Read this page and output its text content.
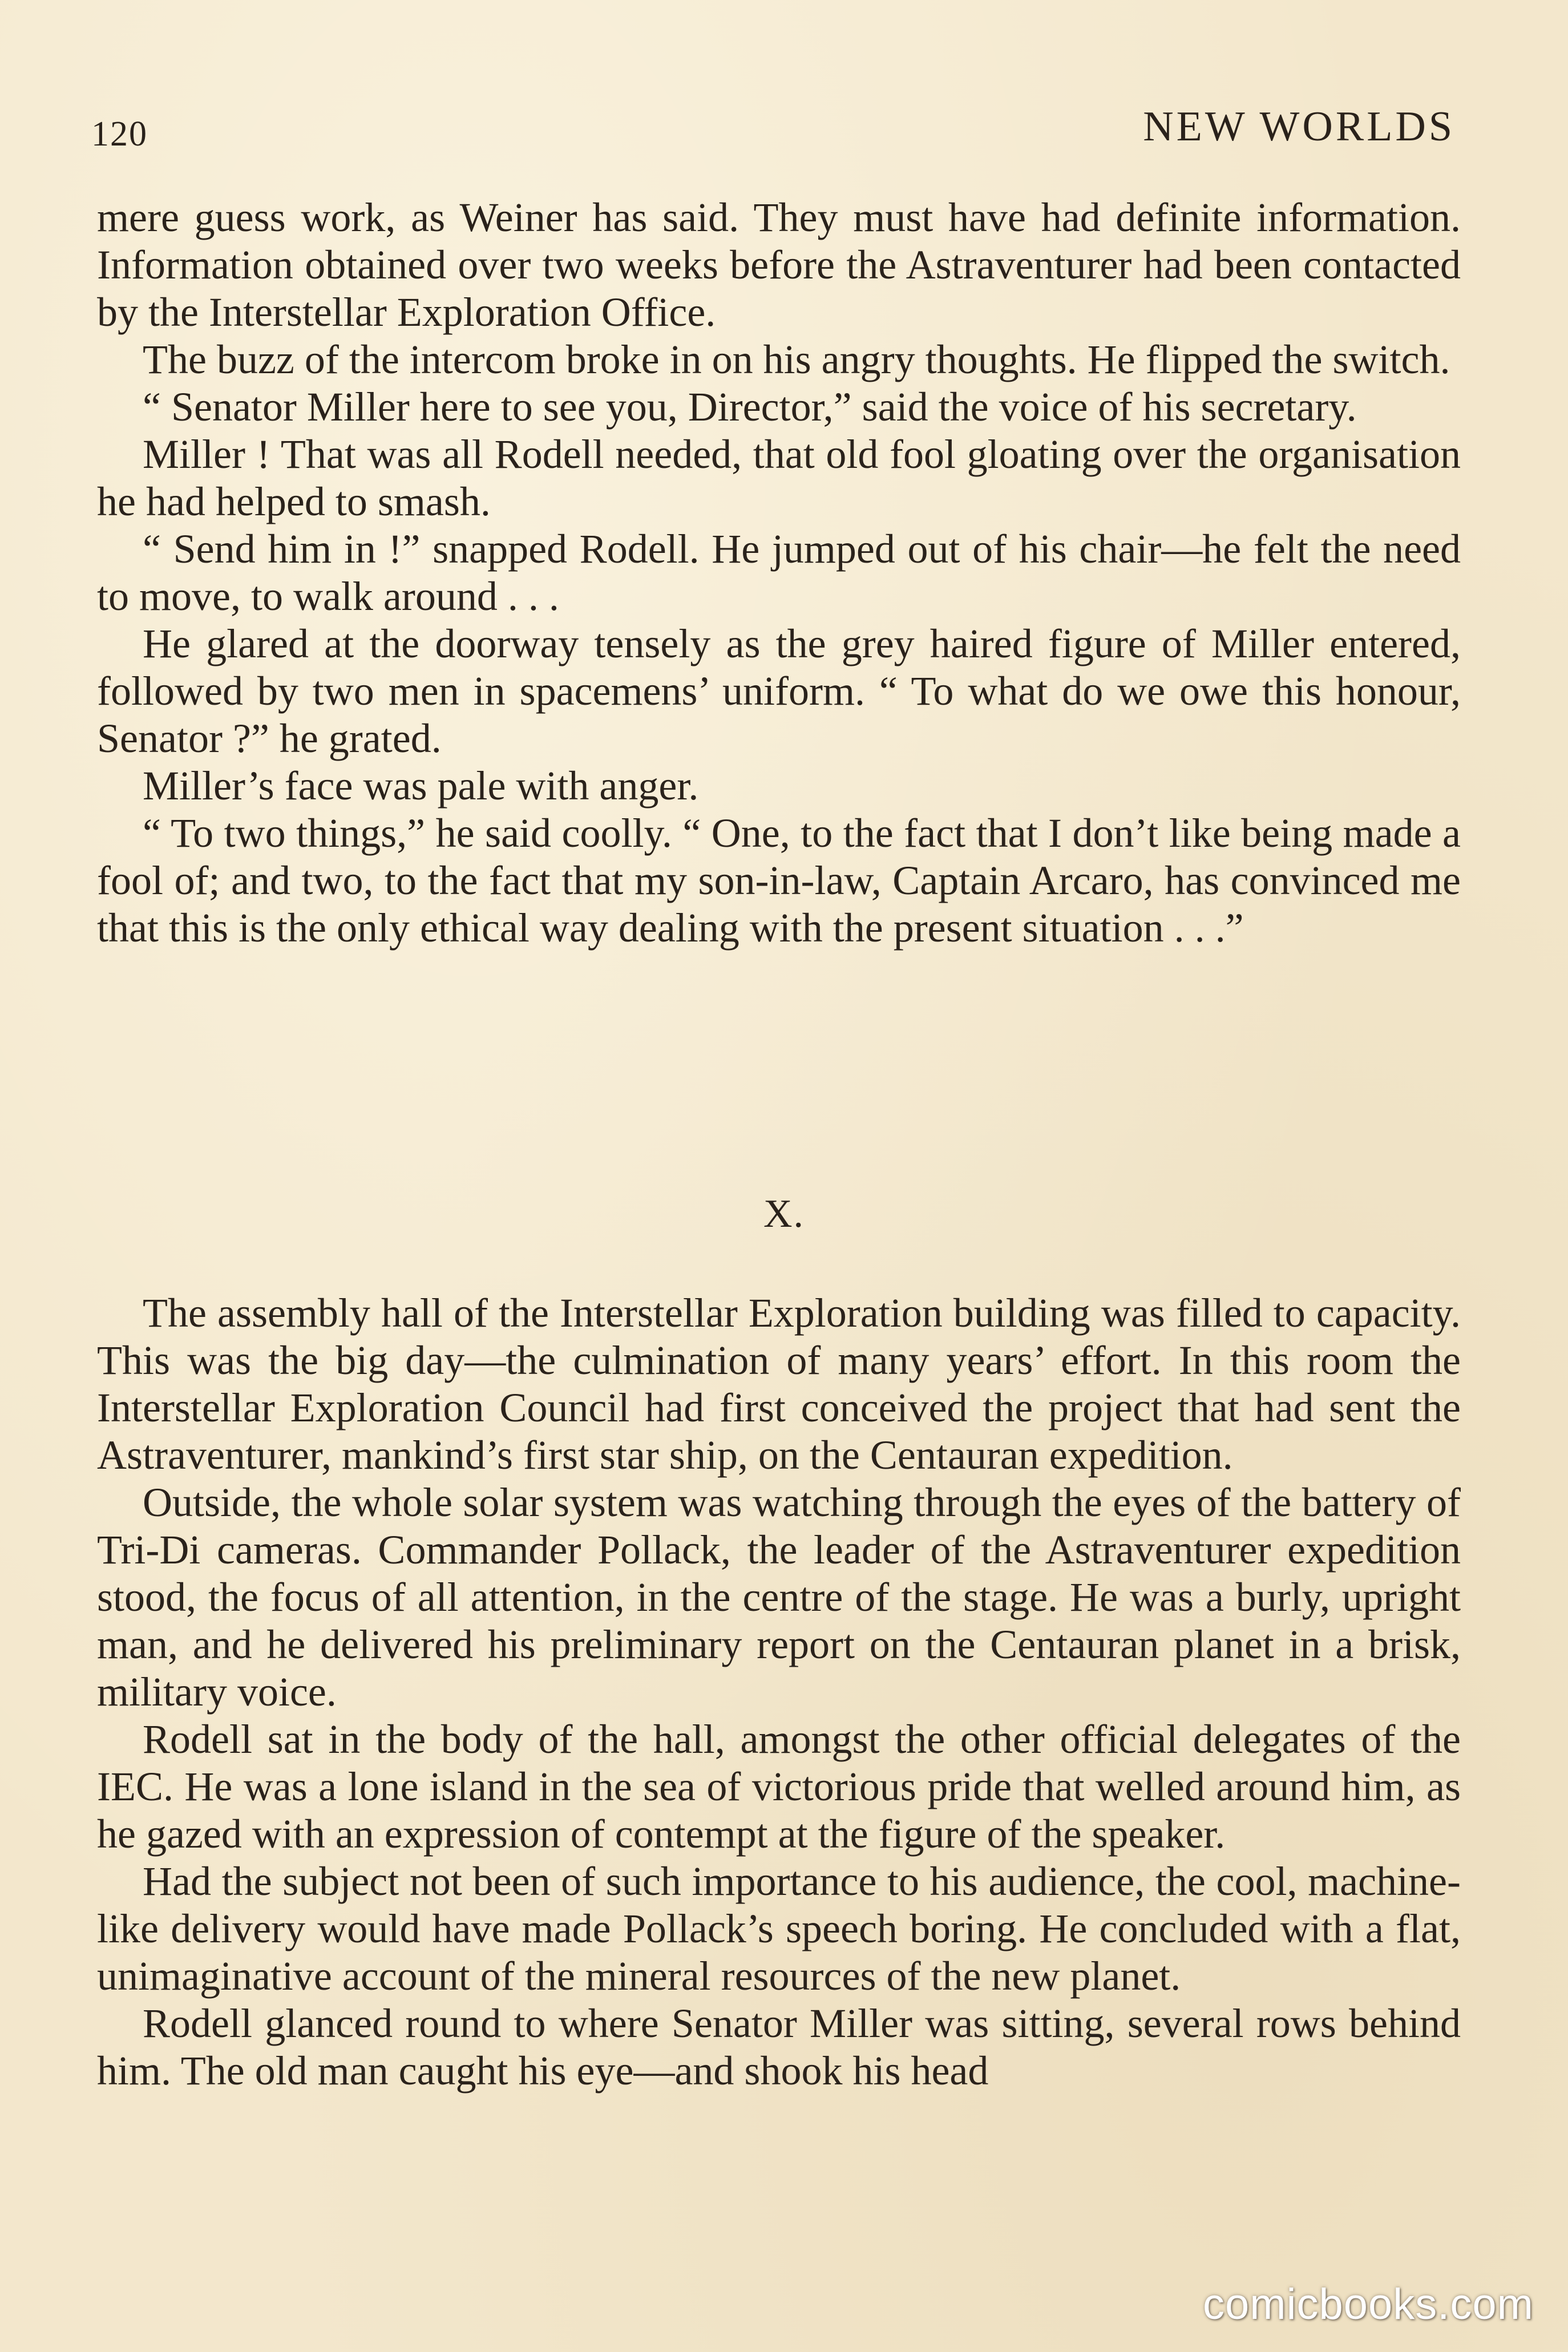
120	NEW WORLDS

mere guess work, as Weiner has said. They must have had definite information. Information obtained over two weeks before the Astraventurer had been contacted by the Interstellar Exploration Office.

The buzz of the intercom broke in on his angry thoughts. He flipped the switch.

“ Senator Miller here to see you, Director,” said the voice of his secretary.

Miller ! That was all Rodell needed, that old fool gloating over the organisation he had helped to smash.

“ Send him in !” snapped Rodell. He jumped out of his chair—he felt the need to move, to walk around . . .

He glared at the doorway tensely as the grey haired figure of Miller entered, followed by two men in spacemens’ uniform. “ To what do we owe this honour, Senator ?” he grated.

Miller’s face was pale with anger.

“ To two things,” he said coolly. “ One, to the fact that I don’t like being made a fool of; and two, to the fact that my son-in-law, Captain Arcaro, has convinced me that this is the only ethical way dealing with the present situation . . .”

X.

The assembly hall of the Interstellar Exploration building was filled to capacity. This was the big day—the culmination of many years’ effort. In this room the Interstellar Exploration Council had first conceived the project that had sent the Astraventurer, mankind’s first star ship, on the Centauran expedition.

Outside, the whole solar system was watching through the eyes of the battery of Tri-Di cameras. Commander Pollack, the leader of the Astraventurer expedition stood, the focus of all attention, in the centre of the stage. He was a burly, upright man, and he delivered his preliminary report on the Centauran planet in a brisk, military voice.

Rodell sat in the body of the hall, amongst the other official delegates of the IEC. He was a lone island in the sea of victorious pride that welled around him, as he gazed with an expression of contempt at the figure of the speaker.

Had the subject not been of such importance to his audience, the cool, machine-like delivery would have made Pollack’s speech boring. He concluded with a flat, unimaginative account of the mineral resources of the new planet.

Rodell glanced round to where Senator Miller was sitting, several rows behind him. The old man caught his eye—and shook his head

comicbooks.com
